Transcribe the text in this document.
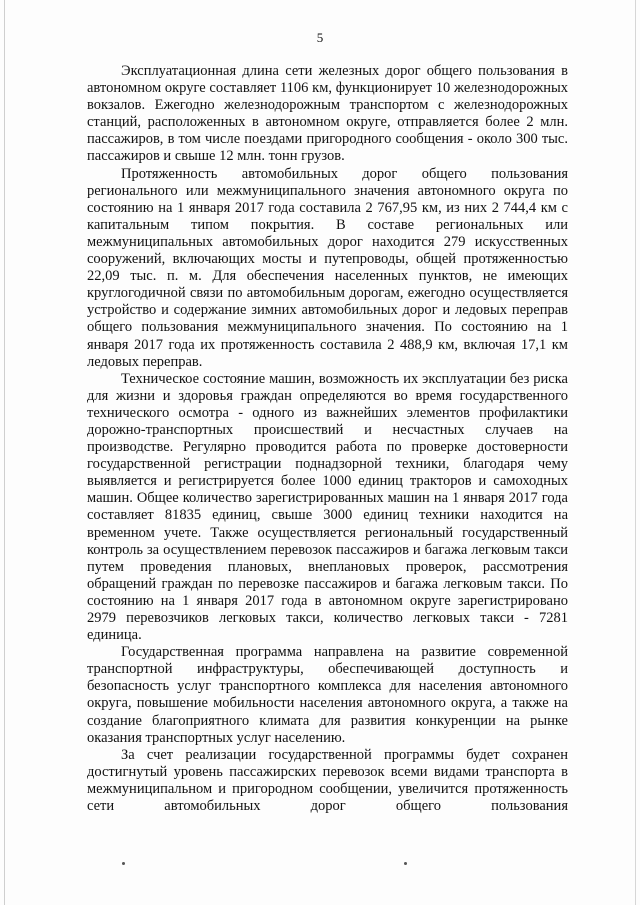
5

Эксплуатационная длина сети железных дорог общего пользования в автономном округе составляет 1106 км, функционирует 10 железнодорожных вокзалов. Ежегодно железнодорожным транспортом с железнодорожных станций, расположенных в автономном округе, отправляется более 2 млн. пассажиров, в том числе поездами пригородного сообщения - около 300 тыс. пассажиров и свыше 12 млн. тонн грузов.

Протяженность автомобильных дорог общего пользования регионального или межмуниципального значения автономного округа по состоянию на 1 января 2017 года составила 2 767,95 км, из них 2 744,4 км с капитальным типом покрытия. В составе региональных или межмуниципальных автомобильных дорог находится 279 искусственных сооружений, включающих мосты и путепроводы, общей протяженностью 22,09 тыс. п. м. Для обеспечения населенных пунктов, не имеющих круглогодичной связи по автомобильным дорогам, ежегодно осуществляется устройство и содержание зимних автомобильных дорог и ледовых переправ общего пользования межмуниципального значения. По состоянию на 1 января 2017 года их протяженность составила 2 488,9 км, включая 17,1 км ледовых переправ.

Техническое состояние машин, возможность их эксплуатации без риска для жизни и здоровья граждан определяются во время государственного технического осмотра - одного из важнейших элементов профилактики дорожно-транспортных происшествий и несчастных случаев на производстве. Регулярно проводится работа по проверке достоверности государственной регистрации поднадзорной техники, благодаря чему выявляется и регистрируется более 1000 единиц тракторов и самоходных машин. Общее количество зарегистрированных машин на 1 января 2017 года составляет 81835 единиц, свыше 3000 единиц техники находится на временном учете. Также осуществляется региональный государственный контроль за осуществлением перевозок пассажиров и багажа легковым такси путем проведения плановых, внеплановых проверок, рассмотрения обращений граждан по перевозке пассажиров и багажа легковым такси. По состоянию на 1 января 2017 года в автономном округе зарегистрировано 2979 перевозчиков легковых такси, количество легковых такси - 7281 единица.

Государственная программа направлена на развитие современной транспортной инфраструктуры, обеспечивающей доступность и безопасность услуг транспортного комплекса для населения автономного округа, повышение мобильности населения автономного округа, а также на создание благоприятного климата для развития конкуренции на рынке оказания транспортных услуг населению.

За счет реализации государственной программы будет сохранен достигнутый уровень пассажирских перевозок всеми видами транспорта в межмуниципальном и пригородном сообщении, увеличится протяженность сети автомобильных дорог общего пользования
